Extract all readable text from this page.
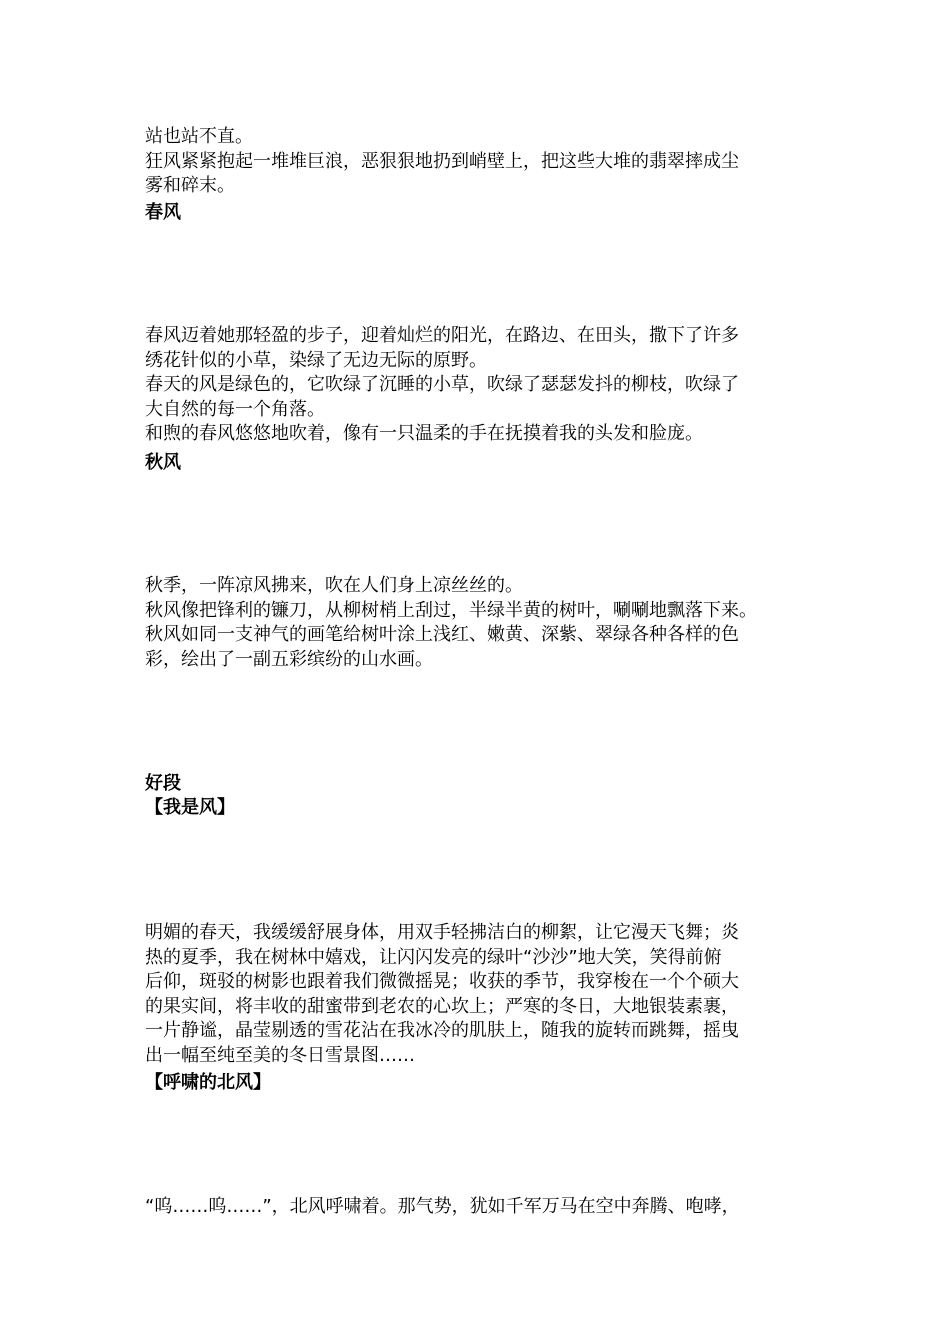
站也站不直。
狂风紧紧抱起一堆堆巨浪，恶狠狠地扔到峭壁上，把这些大堆的翡翠摔成尘
雾和碎末。
春风
春风迈着她那轻盈的步子，迎着灿烂的阳光，在路边、在田头，撒下了许多
绣花针似的小草，染绿了无边无际的原野。
春天的风是绿色的，它吹绿了沉睡的小草，吹绿了瑟瑟发抖的柳枝，吹绿了
大自然的每一个角落。
和煦的春风悠悠地吹着，像有一只温柔的手在抚摸着我的头发和脸庞。
秋风
秋季，一阵凉风拂来，吹在人们身上凉丝丝的。
秋风像把锋利的镰刀，从柳树梢上刮过，半绿半黄的树叶，唰唰地飘落下来。
秋风如同一支神气的画笔给树叶涂上浅红、嫩黄、深紫、翠绿各种各样的色
彩，绘出了一副五彩缤纷的山水画。
好段
【我是风】
明媚的春天，我缓缓舒展身体，用双手轻拂洁白的柳絮，让它漫天飞舞；炎
热的夏季，我在树林中嬉戏，让闪闪发亮的绿叶“沙沙”地大笑，笑得前俯
后仰，斑驳的树影也跟着我们微微摇晃；收获的季节，我穿梭在一个个硕大
的果实间，将丰收的甜蜜带到老农的心坎上；严寒的冬日，大地银装素裹，
一片静谧，晶莹剔透的雪花沾在我冰冷的肌肤上，随我的旋转而跳舞，摇曳
出一幅至纯至美的冬日雪景图……
【呼啸的北风】
“呜……呜……”，北风呼啸着。那气势，犹如千军万马在空中奔腾、咆哮，
